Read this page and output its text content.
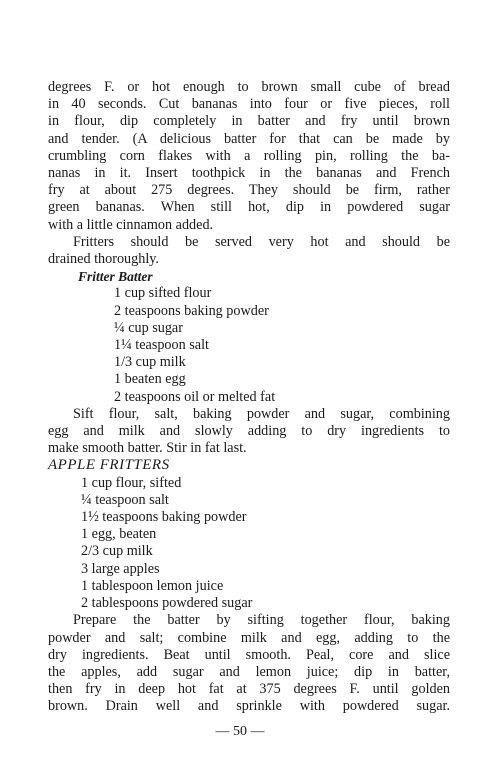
degrees F. or hot enough to brown small cube of bread
in 40 seconds. Cut bananas into four or five pieces, roll
in flour, dip completely in batter and fry until brown
and tender. (A delicious batter for that can be made by
crumbling corn flakes with a rolling pin, rolling the ba-
nanas in it. Insert toothpick in the bananas and French
fry at about 275 degrees. They should be firm, rather
green bananas. When still hot, dip in powdered sugar
with a little cinnamon added.
Fritters should be served very hot and should be
drained thoroughly.

Fritter Batter

1 cup sifted flour
2 teaspoons baking powder
¼ cup sugar
1¼ teaspoon salt
1/3 cup milk
1 beaten egg
2 teaspoons oil or melted fat
Sift flour, salt, baking powder and sugar, combining
egg and milk and slowly adding to dry ingredients to
make smooth batter. Stir in fat last.

APPLE FRITTERS

1 cup flour, sifted
¼ teaspoon salt
1½ teaspoons baking powder
1 egg, beaten
2/3 cup milk
3 large apples
1 tablespoon lemon juice
2 tablespoons powdered sugar
Prepare the batter by sifting together flour, baking
powder and salt; combine milk and egg, adding to the
dry ingredients. Beat until smooth. Peal, core and slice
the apples, add sugar and lemon juice; dip in batter,
then fry in deep hot fat at 375 degrees F. until golden
brown. Drain well and sprinkle with powdered sugar.
— 50 —
